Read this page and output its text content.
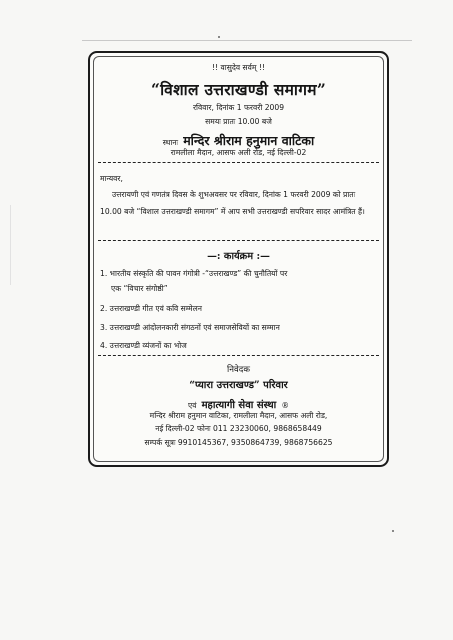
!! वासुदेव सर्वम् !!
“विशाल उत्तराखण्डी समागम”
रविवार, दिनांक 1 फरवरी 2009
समयः प्रातः 10.00 बजे
स्थानः मन्दिर श्रीराम हनुमान वाटिका
रामलीला मैदान, आसफ अली रोड, नई दिल्ली-02
मान्यवर,
उत्तरायणी एवं गणतंत्र दिवस के शुभअवसर पर रविवार, दिनांक 1 फरवरी 2009 को प्रातः 10.00 बजे “विशाल उत्तराखण्डी समागम” में आप सभी उत्तराखण्डी सपरिवार सादर आमंत्रित हैं।
—: कार्यक्रम :—
1. भारतीय संस्कृति की पावन गंगोत्री -“उत्तराखण्ड” की चुनौतियों पर
एक “विचार संगोष्ठी”
2. उत्तराखण्डी गीत एवं कवि सम्मेलन
3. उत्तराखण्डी आंदोलनकारी संगठनों एवं समाजसेवियों का सम्मान
4. उत्तराखण्डी व्यंजनों का भोज
निवेदक
“प्यारा उत्तराखण्ड” परिवार
एवं महात्यागी सेवा संस्था ®
मन्दिर श्रीराम हनुमान वाटिका, रामलीला मैदान, आसफ अली रोड,
नई दिल्ली-02 फोनः 011 23230060, 9868658449
सम्पर्क सूत्रः 9910145367, 9350864739, 9868756625
